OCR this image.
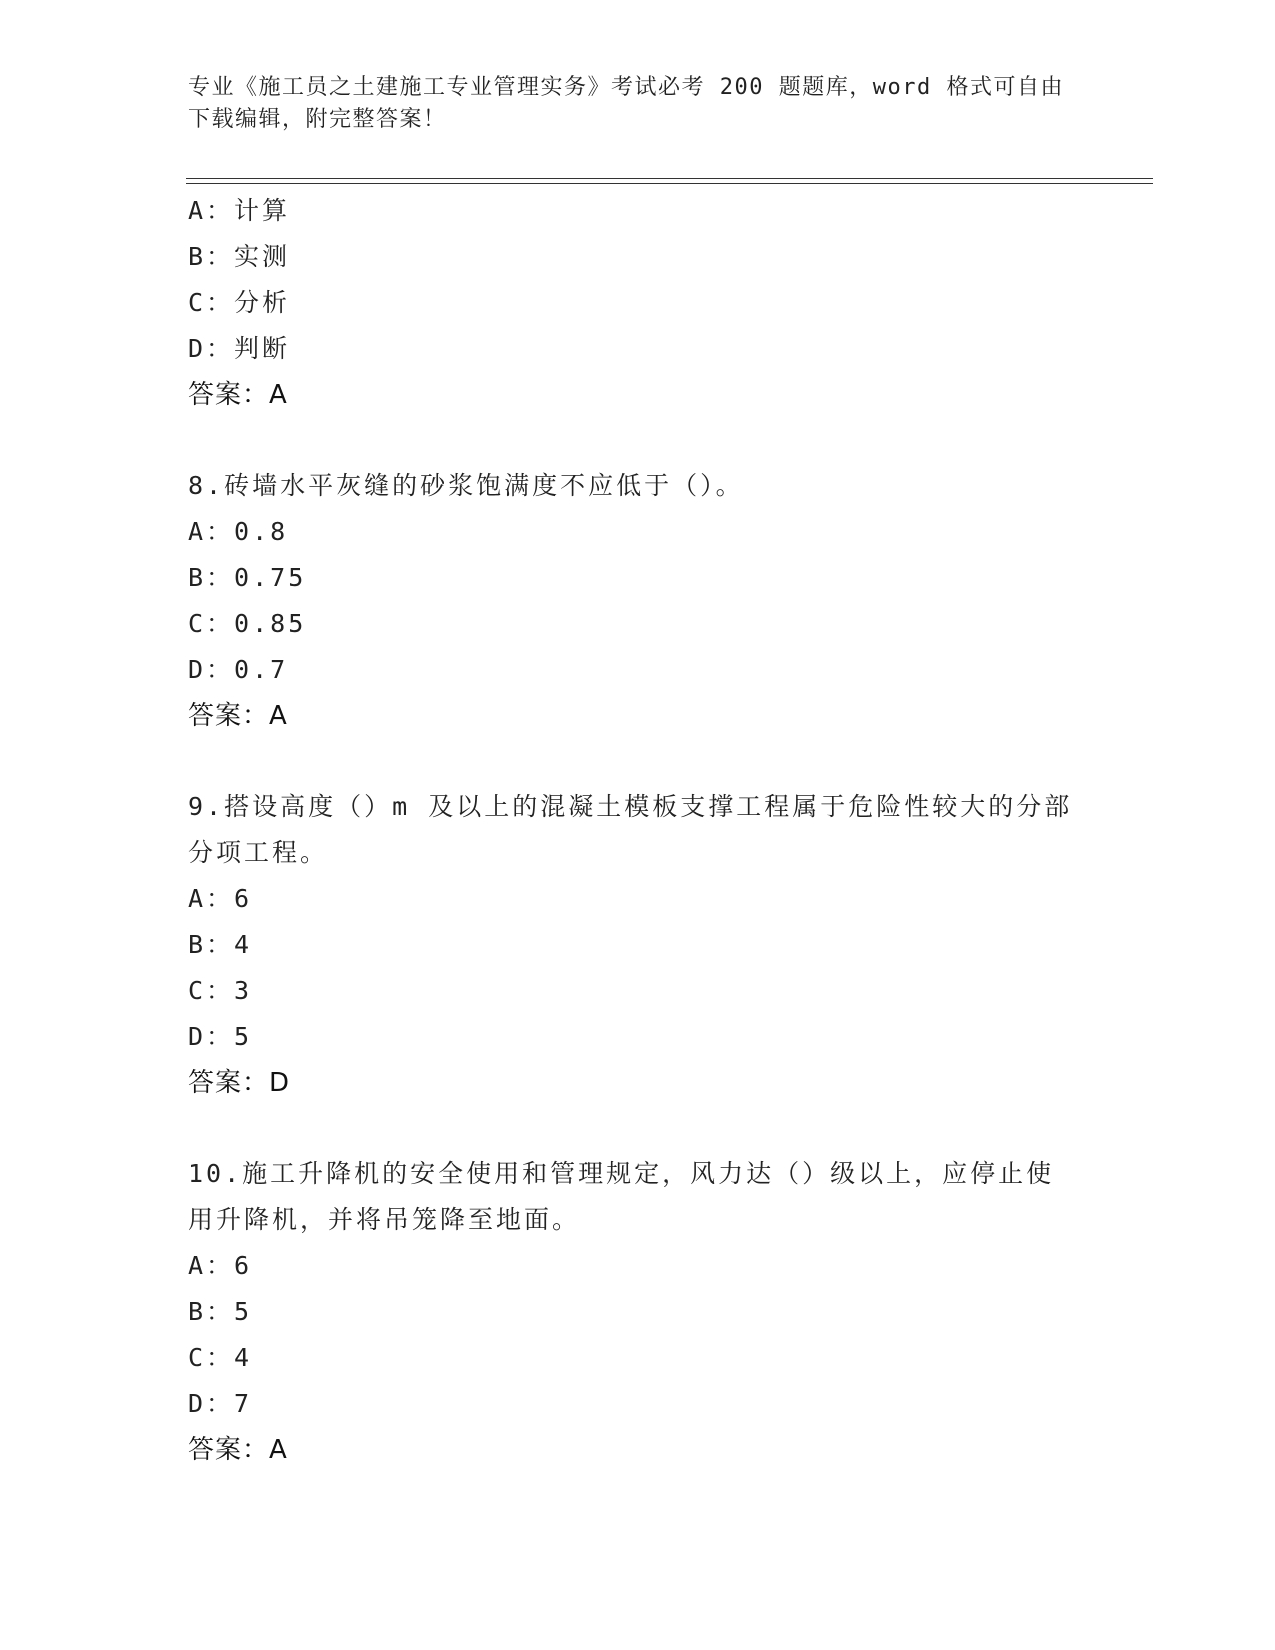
专业《施工员之土建施工专业管理实务》考试必考 200 题题库，word 格式可自由
下载编辑，附完整答案！
A：计算
B：实测
C：分析
D：判断
答案：A
8.砖墙水平灰缝的砂浆饱满度不应低于（）。
A：0.8
B：0.75
C：0.85
D：0.7
答案：A
9.搭设高度（）m 及以上的混凝土模板支撑工程属于危险性较大的分部
分项工程。
A：6
B：4
C：3
D：5
答案：D
10.施工升降机的安全使用和管理规定，风力达（）级以上，应停止使
用升降机，并将吊笼降至地面。
A：6
B：5
C：4
D：7
答案：A
